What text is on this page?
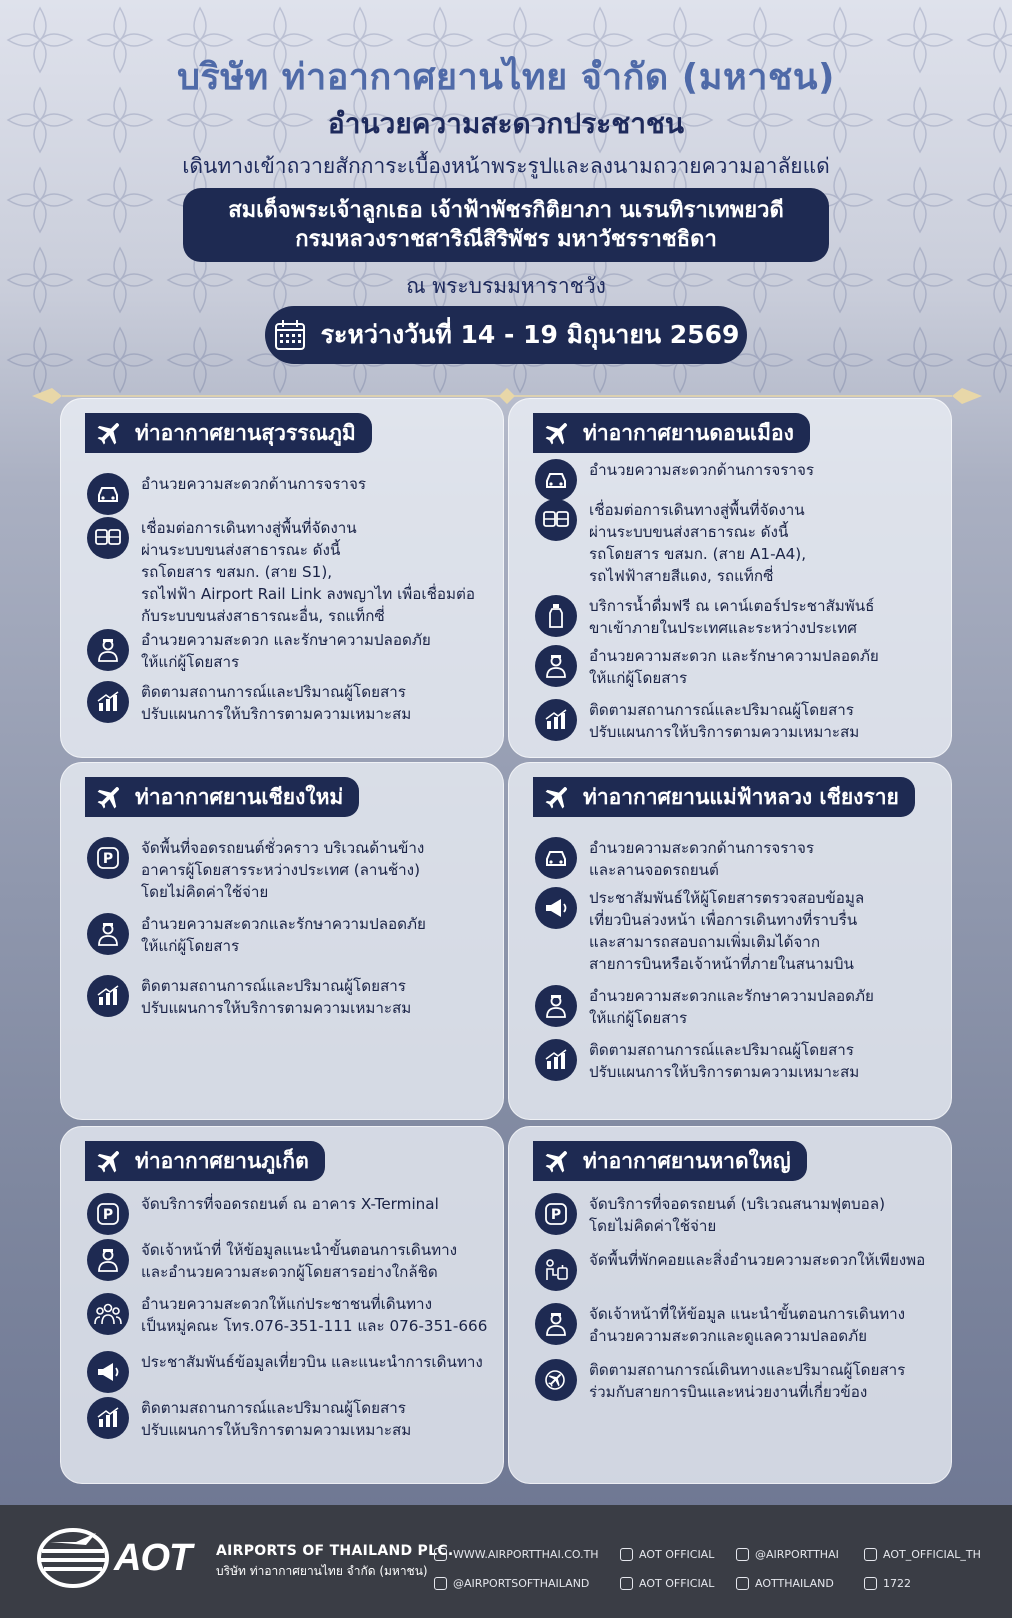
บริษัท ท่าอากาศยานไทย จำกัด (มหาชน)
อำนวยความสะดวกประชาชน
เดินทางเข้าถวายสักการะเบื้องหน้าพระรูปและลงนามถวายความอาลัยแด่
สมเด็จพระเจ้าลูกเธอ เจ้าฟ้าพัชรกิติยาภา นเรนทิราเทพยวดี
กรมหลวงราชสาริณีสิริพัชร มหาวัชรราชธิดา
ณ พระบรมมหาราชวัง
ระหว่างวันที่ 14 - 19 มิถุนายน 2569
ท่าอากาศยานสุวรรณภูมิ
อำนวยความสะดวกด้านการจราจร
เชื่อมต่อการเดินทางสู่พื้นที่จัดงาน
ผ่านระบบขนส่งสาธารณะ ดังนี้
รถโดยสาร ขสมก. (สาย S1),
รถไฟฟ้า Airport Rail Link ลงพญาไท เพื่อเชื่อมต่อ
กับระบบขนส่งสาธารณะอื่น, รถแท็กซี่
อำนวยความสะดวก และรักษาความปลอดภัย
ให้แก่ผู้โดยสาร
ติดตามสถานการณ์และปริมาณผู้โดยสาร
ปรับแผนการให้บริการตามความเหมาะสม
ท่าอากาศยานดอนเมือง
อำนวยความสะดวกด้านการจราจร
เชื่อมต่อการเดินทางสู่พื้นที่จัดงาน
ผ่านระบบขนส่งสาธารณะ ดังนี้
รถโดยสาร ขสมก. (สาย A1-A4),
รถไฟฟ้าสายสีแดง, รถแท็กซี่
บริการน้ำดื่มฟรี ณ เคาน์เตอร์ประชาสัมพันธ์
ขาเข้าภายในประเทศและระหว่างประเทศ
อำนวยความสะดวก และรักษาความปลอดภัย
ให้แก่ผู้โดยสาร
ติดตามสถานการณ์และปริมาณผู้โดยสาร
ปรับแผนการให้บริการตามความเหมาะสม
ท่าอากาศยานเชียงใหม่
P
จัดพื้นที่จอดรถยนต์ชั่วคราว บริเวณด้านข้าง
อาคารผู้โดยสารระหว่างประเทศ (ลานช้าง)
โดยไม่คิดค่าใช้จ่าย
อำนวยความสะดวกและรักษาความปลอดภัย
ให้แก่ผู้โดยสาร
ติดตามสถานการณ์และปริมาณผู้โดยสาร
ปรับแผนการให้บริการตามความเหมาะสม
ท่าอากาศยานแม่ฟ้าหลวง เชียงราย
อำนวยความสะดวกด้านการจราจร
และลานจอดรถยนต์
ประชาสัมพันธ์ให้ผู้โดยสารตรวจสอบข้อมูล
เที่ยวบินล่วงหน้า เพื่อการเดินทางที่ราบรื่น
และสามารถสอบถามเพิ่มเติมได้จาก
สายการบินหรือเจ้าหน้าที่ภายในสนามบิน
อำนวยความสะดวกและรักษาความปลอดภัย
ให้แก่ผู้โดยสาร
ติดตามสถานการณ์และปริมาณผู้โดยสาร
ปรับแผนการให้บริการตามความเหมาะสม
ท่าอากาศยานภูเก็ต
P
จัดบริการที่จอดรถยนต์ ณ อาคาร X-Terminal
จัดเจ้าหน้าที่ ให้ข้อมูลแนะนำขั้นตอนการเดินทาง
และอำนวยความสะดวกผู้โดยสารอย่างใกล้ชิด
อำนวยความสะดวกให้แก่ประชาชนที่เดินทาง
เป็นหมู่คณะ โทร.076-351-111 และ 076-351-666
ประชาสัมพันธ์ข้อมูลเที่ยวบิน และแนะนำการเดินทาง
ติดตามสถานการณ์และปริมาณผู้โดยสาร
ปรับแผนการให้บริการตามความเหมาะสม
ท่าอากาศยานหาดใหญ่
P
จัดบริการที่จอดรถยนต์ (บริเวณสนามฟุตบอล)
โดยไม่คิดค่าใช้จ่าย
จัดพื้นที่พักคอยและสิ่งอำนวยความสะดวกให้เพียงพอ
จัดเจ้าหน้าที่ให้ข้อมูล แนะนำขั้นตอนการเดินทาง
อำนวยความสะดวกและดูแลความปลอดภัย
ติดตามสถานการณ์เดินทางและปริมาณผู้โดยสาร
ร่วมกับสายการบินและหน่วยงานที่เกี่ยวข้อง
AOT AIRPORTS OF THAILAND PLC.
บริษัท ท่าอากาศยานไทย จำกัด (มหาชน)
WWW.AIRPORTTHAI.CO.TH	AOT OFFICIAL	@AIRPORTTHAI	AOT_OFFICIAL_TH
@AIRPORTSOFTHAILAND	AOT OFFICIAL	AOTTHAILAND	1722
